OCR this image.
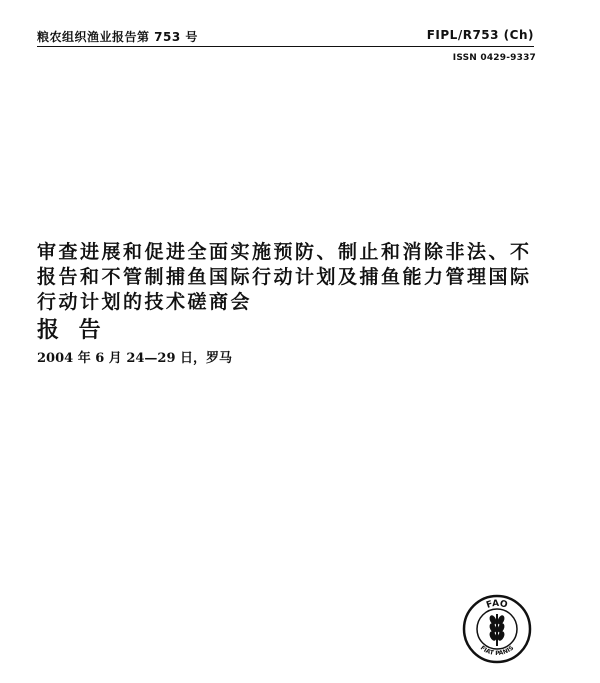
粮农组织渔业报告第 753 号	FIPL/R753 (Ch)
ISSN 0429-9337
审查进展和促进全面实施预防、制止和消除非法、不报告和不管制捕鱼国际行动计划及捕鱼能力管理国际行动计划的技术磋商会
报 告
2004 年 6 月 24—29 日，罗马
FAO
FIAT PANIS
